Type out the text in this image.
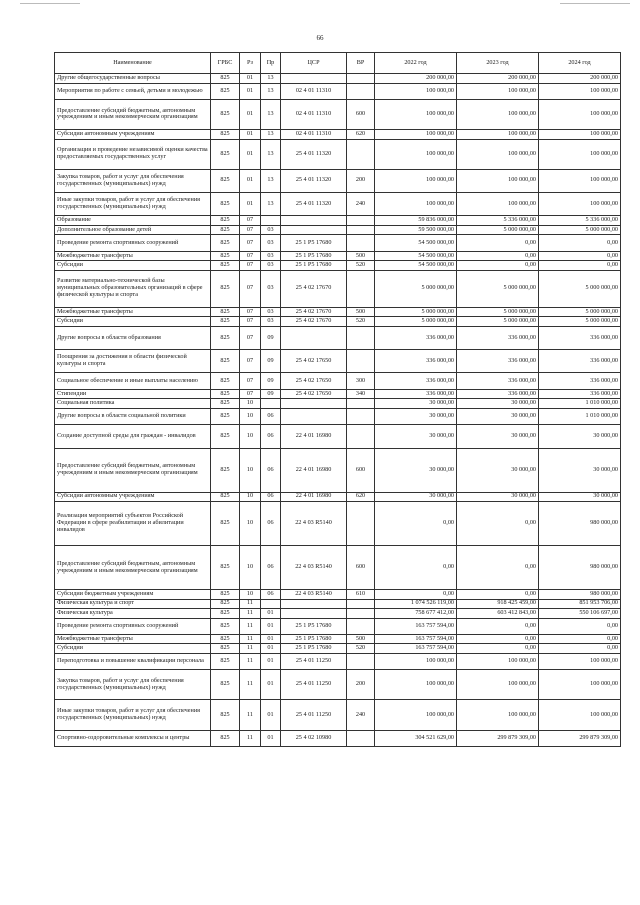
66
Наименование	ГРБС	Рз	Пр	ЦСР	ВР	2022 год	2023 год	2024 год
Другие общегосударственные вопросы	825	01	13			200 000,00	200 000,00	200 000,00
Мероприятия по работе с семьей, детьми и молодежью	825	01	13	02 4 01 11310		100 000,00	100 000,00	100 000,00
Предоставление субсидий бюджетным, автономным учреждениям и иным некоммерческим организациям	825	01	13	02 4 01 11310	600	100 000,00	100 000,00	100 000,00
Субсидии автономным учреждениям	825	01	13	02 4 01 11310	620	100 000,00	100 000,00	100 000,00
Организация и проведение независимой оценки качества предоставляемых государственных услуг	825	01	13	25 4 01 11320		100 000,00	100 000,00	100 000,00
Закупка товаров, работ и услуг для обеспечения государственных (муниципальных) нужд	825	01	13	25 4 01 11320	200	100 000,00	100 000,00	100 000,00
Иные закупки товаров, работ и услуг для обеспечения государственных (муниципальных) нужд	825	01	13	25 4 01 11320	240	100 000,00	100 000,00	100 000,00
Образование	825	07				59 836 000,00	5 336 000,00	5 336 000,00
Дополнительное образование детей	825	07	03			59 500 000,00	5 000 000,00	5 000 000,00
Проведение ремонта спортивных сооружений	825	07	03	25 1 P5 17680		54 500 000,00	0,00	0,00
Межбюджетные трансферты	825	07	03	25 1 P5 17680	500	54 500 000,00	0,00	0,00
Субсидии	825	07	03	25 1 P5 17680	520	54 500 000,00	0,00	0,00
Развитие материально-технической базы муниципальных образовательных организаций в сфере физической культуры и спорта	825	07	03	25 4 02 17670		5 000 000,00	5 000 000,00	5 000 000,00
Межбюджетные трансферты	825	07	03	25 4 02 17670	500	5 000 000,00	5 000 000,00	5 000 000,00
Субсидии	825	07	03	25 4 02 17670	520	5 000 000,00	5 000 000,00	5 000 000,00
Другие вопросы в области образования	825	07	09			336 000,00	336 000,00	336 000,00
Поощрения за достижения в области физической культуры и спорта	825	07	09	25 4 02 17650		336 000,00	336 000,00	336 000,00
Социальное обеспечение и иные выплаты населению	825	07	09	25 4 02 17650	300	336 000,00	336 000,00	336 000,00
Стипендии	825	07	09	25 4 02 17650	340	336 000,00	336 000,00	336 000,00
Социальная политика	825	10				30 000,00	30 000,00	1 010 000,00
Другие вопросы в области социальной политики	825	10	06			30 000,00	30 000,00	1 010 000,00
Создание доступной среды для граждан - инвалидов	825	10	06	22 4 01 16980		30 000,00	30 000,00	30 000,00
Предоставление субсидий бюджетным, автономным учреждениям и иным некоммерческим организациям	825	10	06	22 4 01 16980	600	30 000,00	30 000,00	30 000,00
Субсидии автономным учреждениям	825	10	06	22 4 01 16980	620	30 000,00	30 000,00	30 000,00
Реализация мероприятий субъектов Российской Федерации в сфере реабилитации и абилитации инвалидов	825	10	06	22 4 03 R5140		0,00	0,00	980 000,00
Предоставление субсидий бюджетным, автономным учреждениям и иным некоммерческим организациям	825	10	06	22 4 03 R5140	600	0,00	0,00	980 000,00
Субсидии бюджетным учреждениям	825	10	06	22 4 03 R5140	610	0,00	0,00	980 000,00
Физическая культура и спорт	825	11				1 074 526 119,00	918 425 459,00	851 953 706,00
Физическая культура	825	11	01			758 677 412,00	603 412 843,00	550 106 697,00
Проведение ремонта спортивных сооружений	825	11	01	25 1 P5 17680		163 757 594,00	0,00	0,00
Межбюджетные трансферты	825	11	01	25 1 P5 17680	500	163 757 594,00	0,00	0,00
Субсидии	825	11	01	25 1 P5 17680	520	163 757 594,00	0,00	0,00
Переподготовка и повышение квалификации персонала	825	11	01	25 4 01 11250		100 000,00	100 000,00	100 000,00
Закупка товаров, работ и услуг для обеспечения государственных (муниципальных) нужд	825	11	01	25 4 01 11250	200	100 000,00	100 000,00	100 000,00
Иные закупки товаров, работ и услуг для обеспечения государственных (муниципальных) нужд	825	11	01	25 4 01 11250	240	100 000,00	100 000,00	100 000,00
Спортивно-оздоровительные комплексы и центры	825	11	01	25 4 02 10980		304 521 629,00	299 879 309,00	299 879 309,00
